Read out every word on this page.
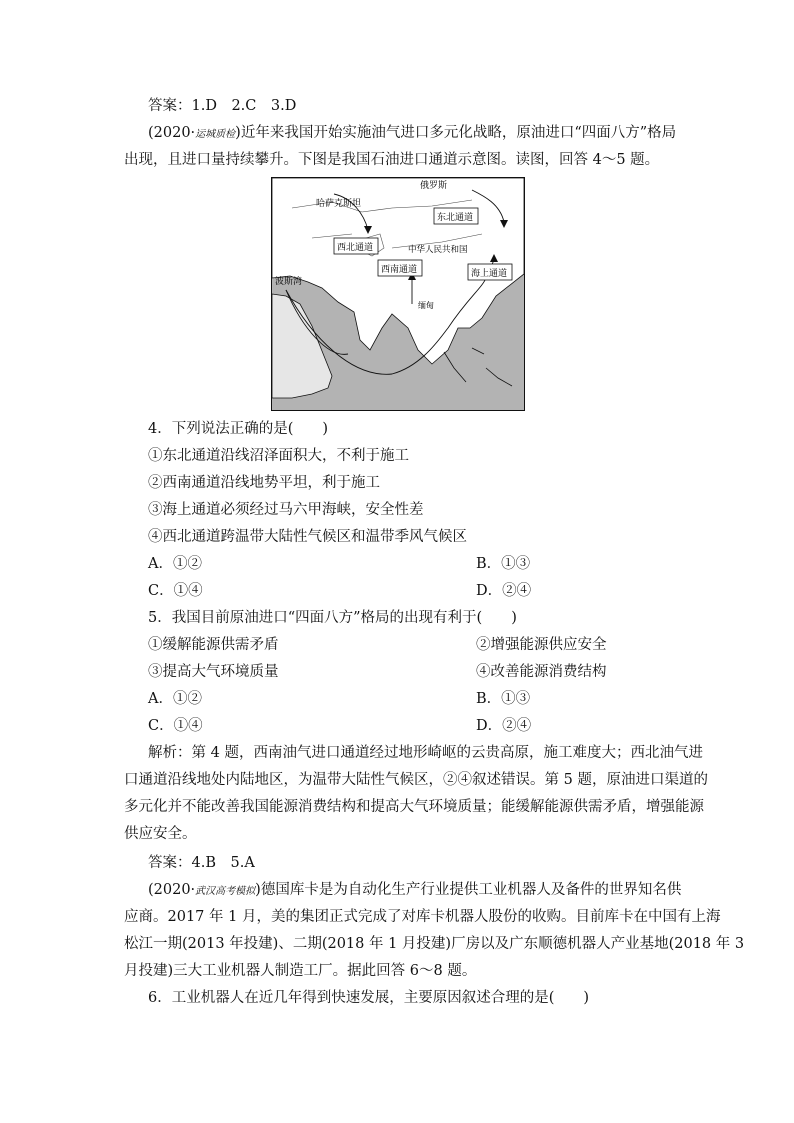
答案：1.D　2.C　3.D
(2020·运城质检)近年来我国开始实施油气进口多元化战略，原油进口“四面八方”格局
出现，且进口量持续攀升。下图是我国石油进口通道示意图。读图，回答 4～5 题。
俄罗斯
哈萨克斯坦
东北通道
西北通道	中华人民共和国
西南通道	海上通道
波斯湾
缅甸
4．下列说法正确的是(　　)
①东北通道沿线沼泽面积大，不利于施工
②西南通道沿线地势平坦，利于施工
③海上通道必须经过马六甲海峡，安全性差
④西北通道跨温带大陆性气候区和温带季风气候区
A．①②	B．①③
C．①④	D．②④
5．我国目前原油进口“四面八方”格局的出现有利于(　　)
①缓解能源供需矛盾	②增强能源供应安全
③提高大气环境质量	④改善能源消费结构
A．①②	B．①③
C．①④	D．②④
解析：第 4 题，西南油气进口通道经过地形崎岖的云贵高原，施工难度大；西北油气进
口通道沿线地处内陆地区，为温带大陆性气候区，②④叙述错误。第 5 题，原油进口渠道的
多元化并不能改善我国能源消费结构和提高大气环境质量；能缓解能源供需矛盾，增强能源
供应安全。
答案：4.B　5.A
(2020·武汉高考模拟)德国库卡是为自动化生产行业提供工业机器人及备件的世界知名供
应商。2017 年 1 月，美的集团正式完成了对库卡机器人股份的收购。目前库卡在中国有上海
松江一期(2013 年投建)、二期(2018 年 1 月投建)厂房以及广东顺德机器人产业基地(2018 年 3
月投建)三大工业机器人制造工厂。据此回答 6～8 题。
6．工业机器人在近几年得到快速发展，主要原因叙述合理的是(　　)
